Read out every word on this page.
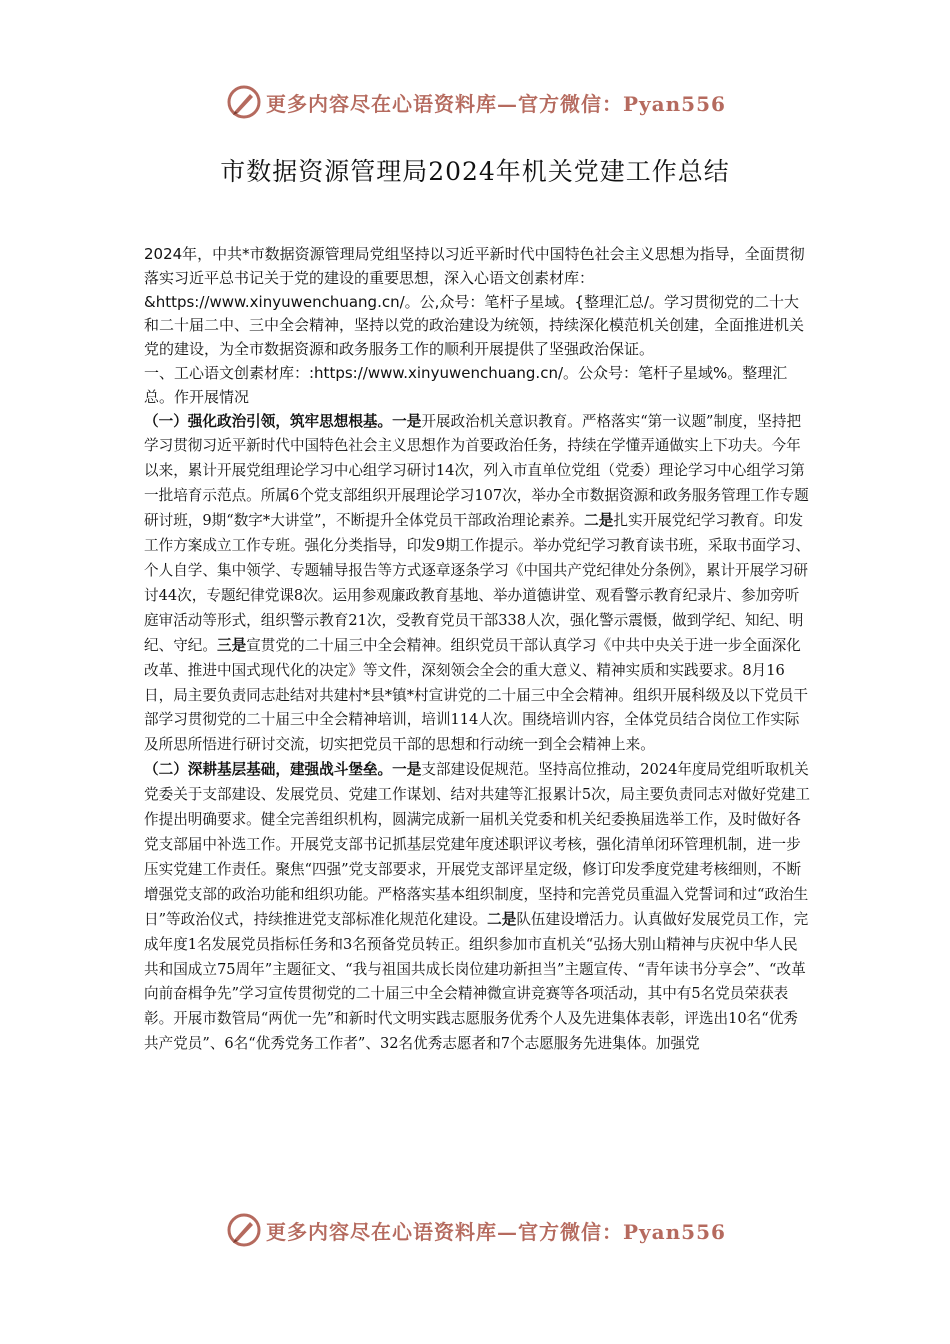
更多内容尽在心语资料库—官方微信：Pyan556
市数据资源管理局2024年机关党建工作总结

2024年，中共*市数据资源管理局党组坚持以习近平新时代中国特色社会主义思想为指导，全面贯彻落实习近平总书记关于党的建设的重要思想，深入心语文创素材库： &https://www.xinyuwenchuang.cn/。公,众号：笔杆子星域。{整理汇总/。学习贯彻党的二十大和二十届二中、三中全会精神，坚持以党的政治建设为统领，持续深化模范机关创建，全面推进机关党的建设，为全市数据资源和政务服务工作的顺利开展提供了坚强政治保证。

一、工心语文创素材库：:https://www.xinyuwenchuang.cn/。公众号：笔杆子星域%。整理汇总。作开展情况

（一）强化政治引领，筑牢思想根基。一是开展政治机关意识教育。严格落实“第一议题”制度，坚持把学习贯彻习近平新时代中国特色社会主义思想作为首要政治任务，持续在学懂弄通做实上下功夫。今年以来，累计开展党组理论学习中心组学习研讨14次，列入市直单位党组（党委）理论学习中心组学习第一批培育示范点。所属6个党支部组织开展理论学习107次，举办全市数据资源和政务服务管理工作专题研讨班，9期“数字*大讲堂”，不断提升全体党员干部政治理论素养。二是扎实开展党纪学习教育。印发工作方案成立工作专班。强化分类指导，印发9期工作提示。举办党纪学习教育读书班，采取书面学习、个人自学、集中领学、专题辅导报告等方式逐章逐条学习《中国共产党纪律处分条例》，累计开展学习研讨44次，专题纪律党课8次。运用参观廉政教育基地、举办道德讲堂、观看警示教育纪录片、参加旁听庭审活动等形式，组织警示教育21次，受教育党员干部338人次，强化警示震慑，做到学纪、知纪、明纪、守纪。三是宣贯党的二十届三中全会精神。组织党员干部认真学习《中共中央关于进一步全面深化改革、推进中国式现代化的决定》等文件，深刻领会全会的重大意义、精神实质和实践要求。8月16日，局主要负责同志赴结对共建村*县*镇*村宣讲党的二十届三中全会精神。组织开展科级及以下党员干部学习贯彻党的二十届三中全会精神培训，培训114人次。围绕培训内容，全体党员结合岗位工作实际及所思所悟进行研讨交流，切实把党员干部的思想和行动统一到全会精神上来。

（二）深耕基层基础，建强战斗堡垒。一是支部建设促规范。坚持高位推动，2024年度局党组听取机关党委关于支部建设、发展党员、党建工作谋划、结对共建等汇报累计5次，局主要负责同志对做好党建工作提出明确要求。健全完善组织机构，圆满完成新一届机关党委和机关纪委换届选举工作，及时做好各党支部届中补选工作。开展党支部书记抓基层党建年度述职评议考核，强化清单闭环管理机制，进一步压实党建工作责任。聚焦“四强”党支部要求，开展党支部评星定级，修订印发季度党建考核细则，不断增强党支部的政治功能和组织功能。严格落实基本组织制度，坚持和完善党员重温入党誓词和过“政治生日”等政治仪式，持续推进党支部标准化规范化建设。二是队伍建设增活力。认真做好发展党员工作，完成年度1名发展党员指标任务和3名预备党员转正。组织参加市直机关“弘扬大别山精神与庆祝中华人民共和国成立75周年”主题征文、“我与祖国共成长岗位建功新担当”主题宣传、“青年读书分享会”、“改革向前奋楫争先”学习宣传贯彻党的二十届三中全会精神微宣讲竞赛等各项活动，其中有5名党员荣获表彰。开展市数管局“两优一先”和新时代文明实践志愿服务优秀个人及先进集体表彰，评选出10名“优秀共产党员”、6名“优秀党务工作者”、32名优秀志愿者和7个志愿服务先进集体。加强党

更多内容尽在心语资料库—官方微信：Pyan556
